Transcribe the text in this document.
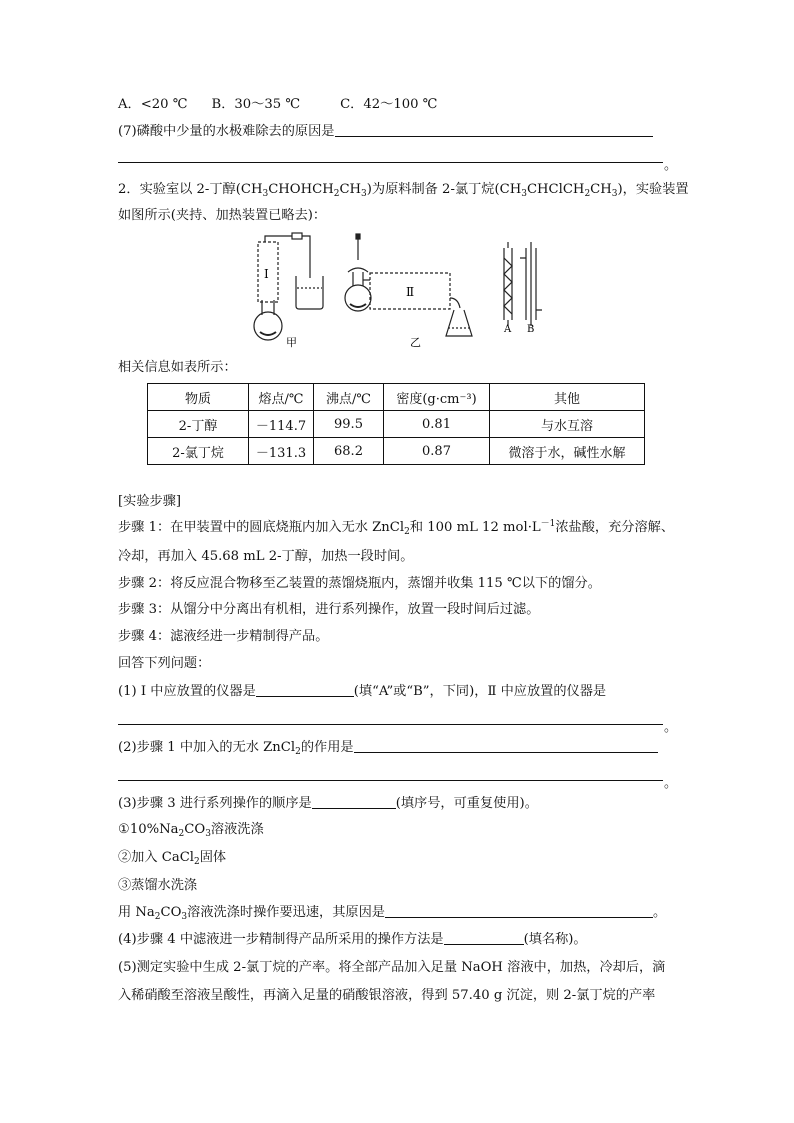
A．<20 ℃ B．30～35 ℃	C．42～100 ℃
(7)磷酸中少量的水极难除去的原因是
。
2．实验室以 2-丁醇$(CH_3CHOHCH_2CH_3)$为原料制备 2-氯丁烷$(CH_3CHClCH_2CH_3)$，实验装置
如图所示(夹持、加热装置已略去)：
Ⅰ
Ⅱ
甲	乙
A B
相关信息如表所示：
物质	熔点/℃	沸点/℃	密度(g·cm⁻³)	其他
2-丁醇	－114.7	99.5	0.81	与水互溶
2-氯丁烷	－131.3	68.2	0.87	微溶于水，碱性水解
[实验步骤]
步骤 1：在甲装置中的圆底烧瓶内加入无水 ZnCl$_2$和 100 mL 12 $mol\cdot L^{-1}$浓盐酸，充分溶解、
冷却，再加入 45.68 mL 2-丁醇，加热一段时间。
步骤 2：将反应混合物移至乙装置的蒸馏烧瓶内，蒸馏并收集 115 ℃以下的馏分。
步骤 3：从馏分中分离出有机相，进行系列操作，放置一段时间后过滤。
步骤 4：滤液经进一步精制得产品。
回答下列问题：
(1) Ⅰ 中应放置的仪器是	(填“A”或“B”，下同)，Ⅱ 中应放置的仪器是
。
(2)步骤 1 中加入的无水 ZnCl$_2$的作用是
。
(3)步骤 3 进行系列操作的顺序是	(填序号，可重复使用)。
$①10\%Na_2CO_3$溶液洗涤
②加入 CaCl$_2$固体
③蒸馏水洗涤
用 $Na_2CO_3$溶液洗涤时操作要迅速，其原因是	。
(4)步骤 4 中滤液进一步精制得产品所采用的操作方法是	(填名称)。
(5)测定实验中生成 2-氯丁烷的产率。将全部产品加入足量 NaOH 溶液中，加热，冷却后，滴
入稀硝酸至溶液呈酸性，再滴入足量的硝酸银溶液，得到 57.40 g 沉淀，则 2-氯丁烷的产率
